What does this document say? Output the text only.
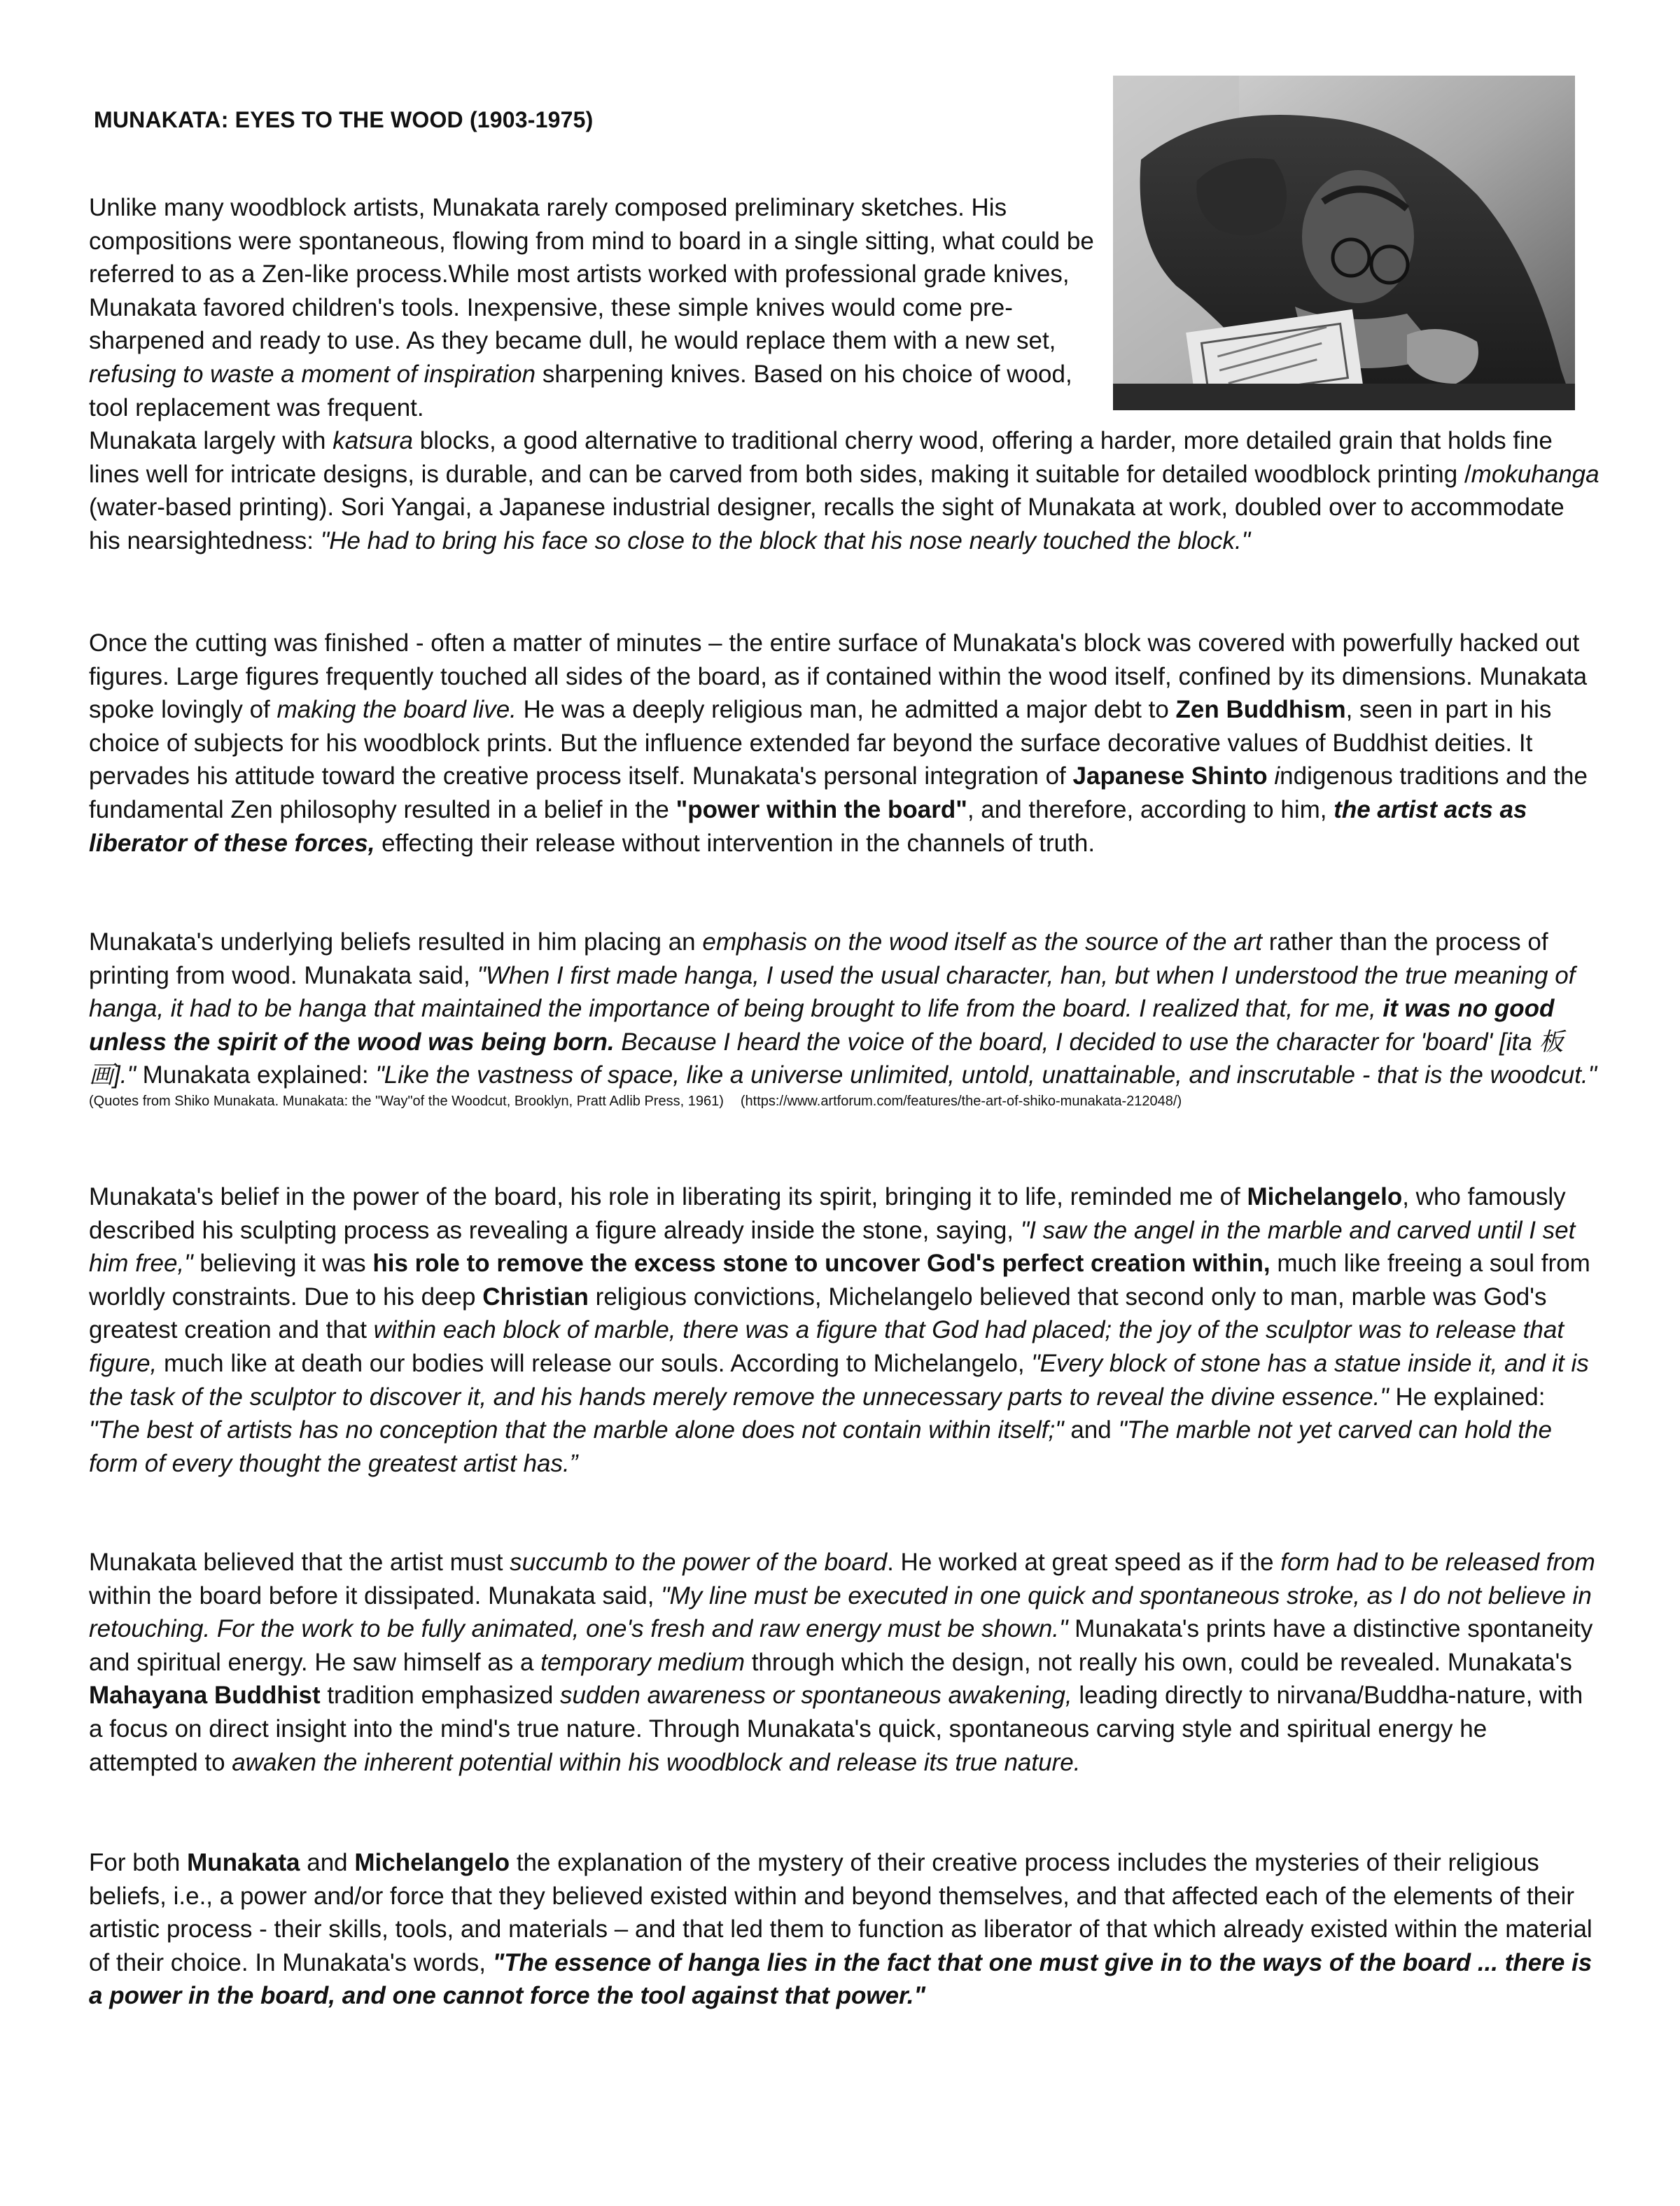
MUNAKATA: EYES TO THE WOOD (1903-1975)

Unlike many woodblock artists, Munakata rarely composed preliminary sketches. His compositions were spontaneous, flowing from mind to board in a single sitting, what could be referred to as a Zen-like process.While most artists worked with professional grade knives, Munakata favored children's tools. Inexpensive, these simple knives would come pre-sharpened and ready to use. As they became dull, he would replace them with a new set, refusing to waste a moment of inspiration sharpening knives. Based on his choice of wood, tool replacement was frequent.

Munakata largely with katsura blocks, a good alternative to traditional cherry wood, offering a harder, more detailed grain that holds fine lines well for intricate designs, is durable, and can be carved from both sides, making it suitable for detailed woodblock printing /mokuhanga (water-based printing). Sori Yangai, a Japanese industrial designer, recalls the sight of Munakata at work, doubled over to accommodate his nearsightedness: "He had to bring his face so close to the block that his nose nearly touched the block."

Once the cutting was finished - often a matter of minutes – the entire surface of Munakata's block was covered with powerfully hacked out figures. Large figures frequently touched all sides of the board, as if contained within the wood itself, confined by its dimensions. Munakata spoke lovingly of making the board live. He was a deeply religious man, he admitted a major debt to Zen Buddhism, seen in part in his choice of subjects for his woodblock prints. But the influence extended far beyond the surface decorative values of Buddhist deities. It pervades his attitude toward the creative process itself. Munakata's personal integration of Japanese Shinto indigenous traditions and the fundamental Zen philosophy resulted in a belief in the "power within the board", and therefore, according to him, the artist acts as liberator of these forces, effecting their release without intervention in the channels of truth.

Munakata's underlying beliefs resulted in him placing an emphasis on the wood itself as the source of the art rather than the process of printing from wood. Munakata said, "When I first made hanga, I used the usual character, han, but when I understood the true meaning of hanga, it had to be hanga that maintained the importance of being brought to life from the board. I realized that, for me, it was no good unless the spirit of the wood was being born. Because I heard the voice of the board, I decided to use the character for 'board' [ita 板画]." Munakata explained: "Like the vastness of space, like a universe unlimited, untold, unattainable, and inscrutable - that is the woodcut."

(Quotes from Shiko Munakata. Munakata: the "Way"of the Woodcut, Brooklyn, Pratt Adlib Press, 1961) (https://www.artforum.com/features/the-art-of-shiko-munakata-212048/)

Munakata's belief in the power of the board, his role in liberating its spirit, bringing it to life, reminded me of Michelangelo, who famously described his sculpting process as revealing a figure already inside the stone, saying, "I saw the angel in the marble and carved until I set him free," believing it was his role to remove the excess stone to uncover God's perfect creation within, much like freeing a soul from worldly constraints. Due to his deep Christian religious convictions, Michelangelo believed that second only to man, marble was God's greatest creation and that within each block of marble, there was a figure that God had placed; the joy of the sculptor was to release that figure, much like at death our bodies will release our souls. According to Michelangelo, "Every block of stone has a statue inside it, and it is the task of the sculptor to discover it, and his hands merely remove the unnecessary parts to reveal the divine essence." He explained: "The best of artists has no conception that the marble alone does not contain within itself;" and "The marble not yet carved can hold the form of every thought the greatest artist has.”

Munakata believed that the artist must succumb to the power of the board. He worked at great speed as if the form had to be released from within the board before it dissipated. Munakata said, "My line must be executed in one quick and spontaneous stroke, as I do not believe in retouching. For the work to be fully animated, one's fresh and raw energy must be shown." Munakata's prints have a distinctive spontaneity and spiritual energy. He saw himself as a temporary medium through which the design, not really his own, could be revealed. Munakata's Mahayana Buddhist tradition emphasized sudden awareness or spontaneous awakening, leading directly to nirvana/Buddha-nature, with a focus on direct insight into the mind's true nature. Through Munakata's quick, spontaneous carving style and spiritual energy he attempted to awaken the inherent potential within his woodblock and release its true nature.

For both Munakata and Michelangelo the explanation of the mystery of their creative process includes the mysteries of their religious beliefs, i.e., a power and/or force that they believed existed within and beyond themselves, and that affected each of the elements of their artistic process - their skills, tools, and materials – and that led them to function as liberator of that which already existed within the material of their choice. In Munakata's words, "The essence of hanga lies in the fact that one must give in to the ways of the board ... there is a power in the board, and one cannot force the tool against that power."
